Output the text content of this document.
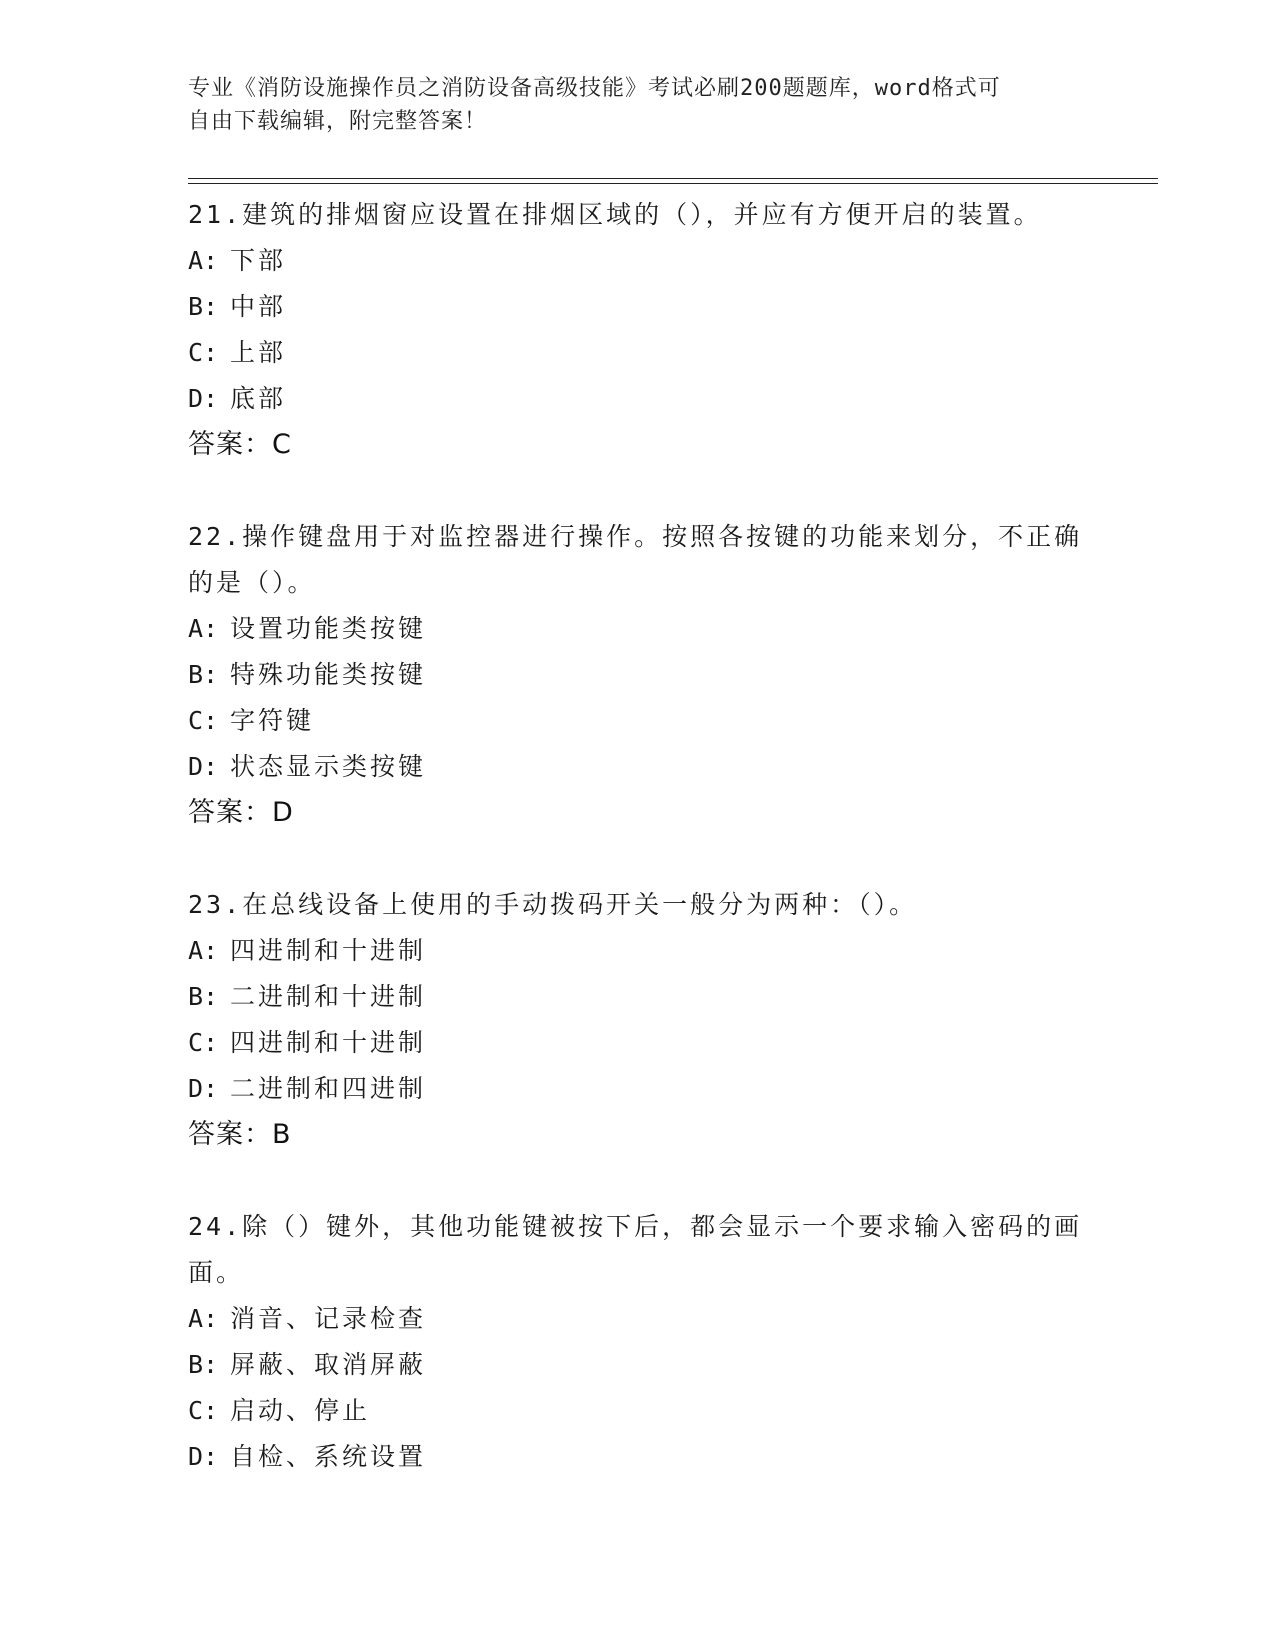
专业《消防设施操作员之消防设备高级技能》考试必刷200题题库，word格式可
自由下载编辑，附完整答案！
21.建筑的排烟窗应设置在排烟区域的（），并应有方便开启的装置。
A: 下部
B: 中部
C: 上部
D: 底部
答案：C
22.操作键盘用于对监控器进行操作。按照各按键的功能来划分，不正确的是（）。
A: 设置功能类按键
B: 特殊功能类按键
C: 字符键
D: 状态显示类按键
答案：D
23.在总线设备上使用的手动拨码开关一般分为两种：（）。
A: 四进制和十进制
B: 二进制和十进制
C: 四进制和十进制
D: 二进制和四进制
答案：B
24.除（）键外，其他功能键被按下后，都会显示一个要求输入密码的画面。
A: 消音、记录检查
B: 屏蔽、取消屏蔽
C: 启动、停止
D: 自检、系统设置
